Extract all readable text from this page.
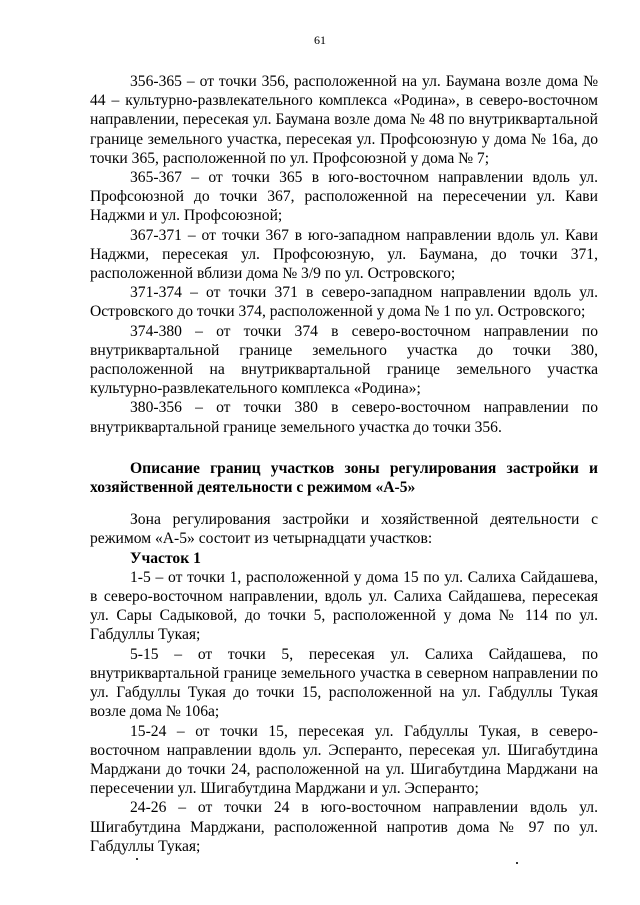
61

356-365 – от точки 356, расположенной на ул. Баумана возле дома № 44 – культурно-развлекательного комплекса «Родина», в северо-восточном направлении, пересекая ул. Баумана возле дома № 48 по внутриквартальной границе земельного участка, пересекая ул. Профсоюзную у дома № 16а, до точки 365, расположенной по ул. Профсоюзной у дома № 7;

365-367 – от точки 365 в юго-восточном направлении вдоль ул. Профсоюзной до точки 367, расположенной на пересечении ул. Кави Наджми и ул. Профсоюзной;

367-371 – от точки 367 в юго-западном направлении вдоль ул. Кави Наджми, пересекая ул. Профсоюзную, ул. Баумана, до точки 371, расположенной вблизи дома № 3/9 по ул. Островского;

371-374 – от точки 371 в северо-западном направлении вдоль ул. Островского до точки 374, расположенной у дома № 1 по ул. Островского;

374-380 – от точки 374 в северо-восточном направлении по внутриквартальной границе земельного участка до точки 380, расположенной на внутриквартальной границе земельного участка культурно-развлекательного комплекса «Родина»;

380-356 – от точки 380 в северо-восточном направлении по внутриквартальной границе земельного участка до точки 356.

Описание границ участков зоны регулирования застройки и хозяйственной деятельности с режимом «А-5»

Зона регулирования застройки и хозяйственной деятельности с режимом «А-5» состоит из четырнадцати участков:

Участок 1

1-5 – от точки 1, расположенной у дома 15 по ул. Салиха Сайдашева, в северо-восточном направлении, вдоль ул. Салиха Сайдашева, пересекая ул. Сары Садыковой, до точки 5, расположенной у дома № 114 по ул. Габдуллы Тукая;

5-15 – от точки 5, пересекая ул. Салиха Сайдашева, по внутриквартальной границе земельного участка в северном направлении по ул. Габдуллы Тукая до точки 15, расположенной на ул. Габдуллы Тукая возле дома № 106а;

15-24 – от точки 15, пересекая ул. Габдуллы Тукая, в северо-восточном направлении вдоль ул. Эсперанто, пересекая ул. Шигабутдина Марджани до точки 24, расположенной на ул. Шигабутдина Марджани на пересечении ул. Шигабутдина Марджани и ул. Эсперанто;

24-26 – от точки 24 в юго-восточном направлении вдоль ул. Шигабутдина Марджани, расположенной напротив дома № 97 по ул. Габдуллы Тукая;
